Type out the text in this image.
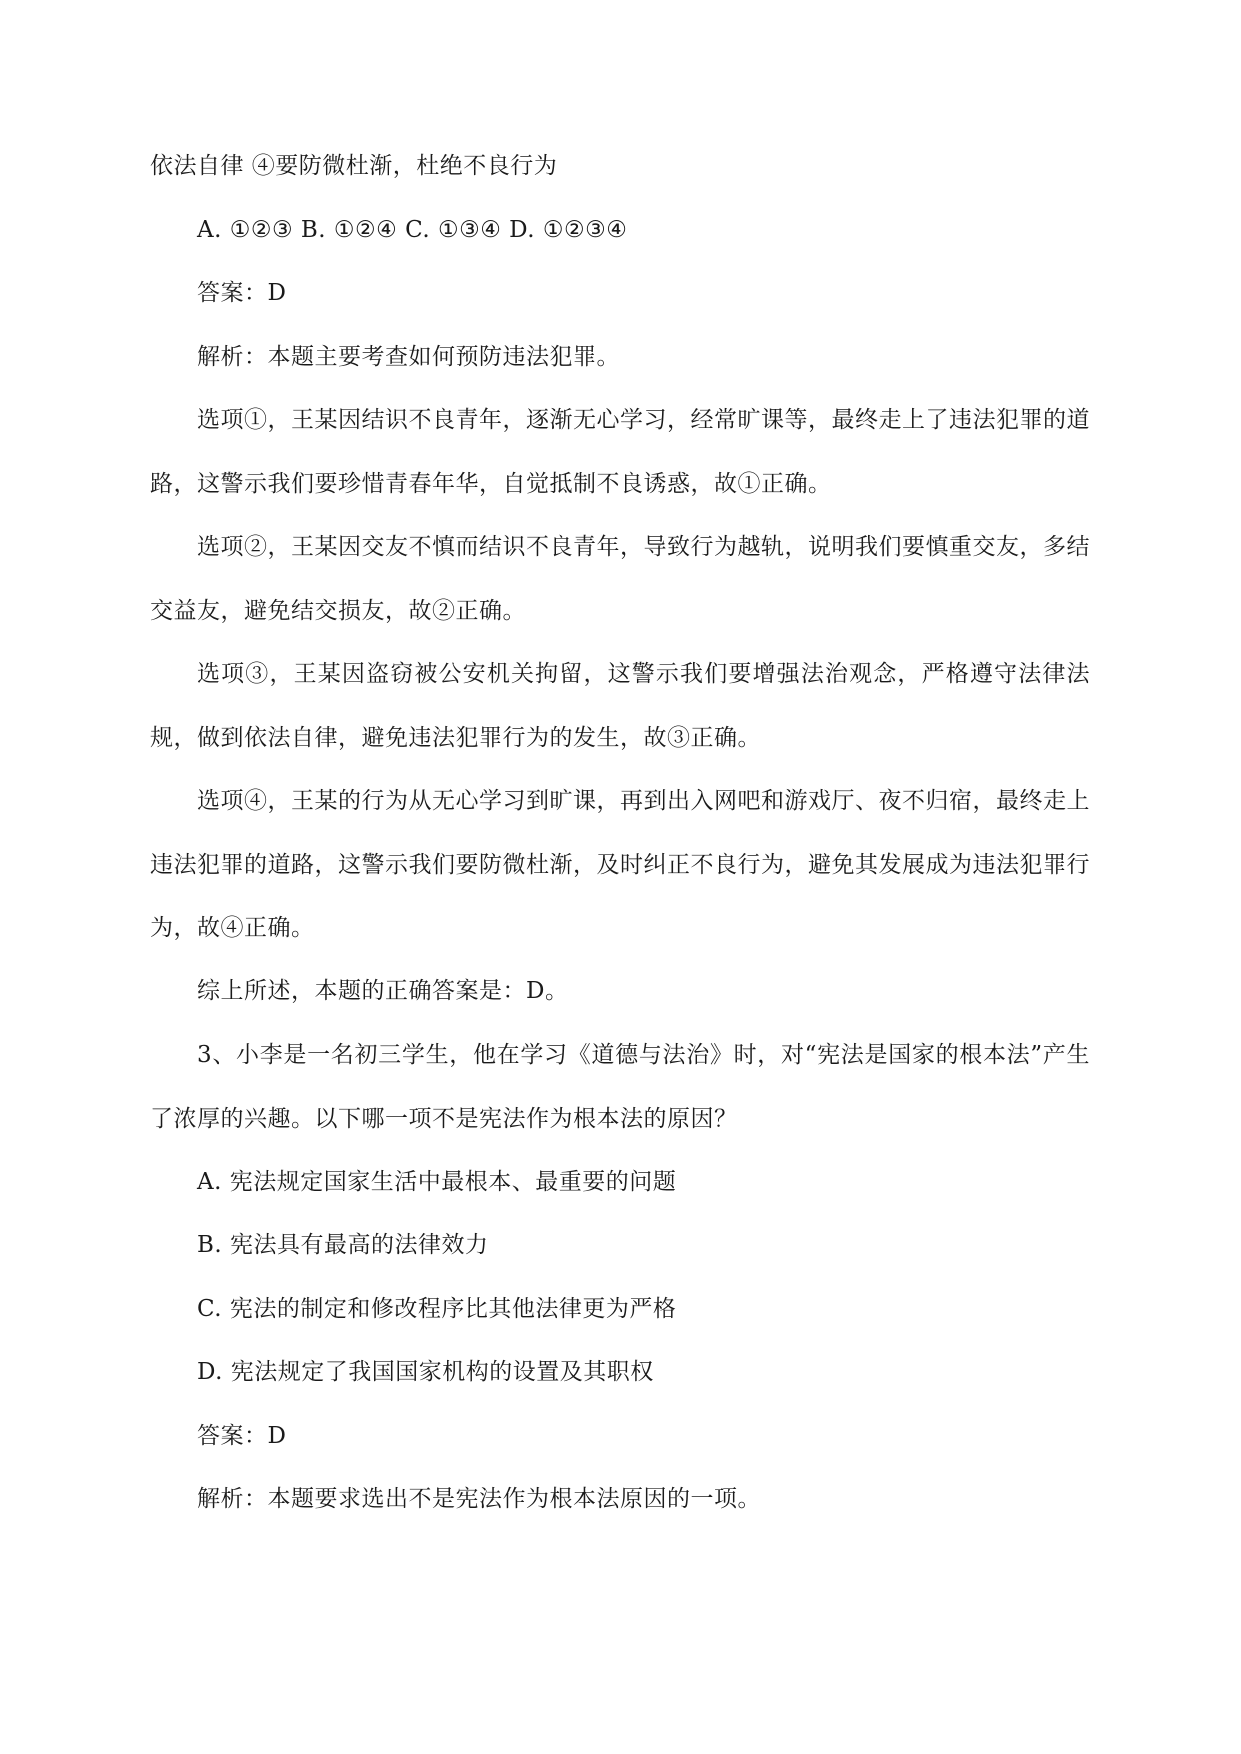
依法自律 ④要防微杜渐，杜绝不良行为

A. ①②③ B. ①②④ C. ①③④ D. ①②③④

答案：D

解析：本题主要考查如何预防违法犯罪。

选项①，王某因结识不良青年，逐渐无心学习，经常旷课等，最终走上了违法犯罪的道路，这警示我们要珍惜青春年华，自觉抵制不良诱惑，故①正确。

选项②，王某因交友不慎而结识不良青年，导致行为越轨，说明我们要慎重交友，多结交益友，避免结交损友，故②正确。

选项③，王某因盗窃被公安机关拘留，这警示我们要增强法治观念，严格遵守法律法规，做到依法自律，避免违法犯罪行为的发生，故③正确。

选项④，王某的行为从无心学习到旷课，再到出入网吧和游戏厅、夜不归宿，最终走上违法犯罪的道路，这警示我们要防微杜渐，及时纠正不良行为，避免其发展成为违法犯罪行为，故④正确。

综上所述，本题的正确答案是：D。

3、小李是一名初三学生，他在学习《道德与法治》时，对“宪法是国家的根本法”产生了浓厚的兴趣。以下哪一项不是宪法作为根本法的原因？

A. 宪法规定国家生活中最根本、最重要的问题

B. 宪法具有最高的法律效力

C. 宪法的制定和修改程序比其他法律更为严格

D. 宪法规定了我国国家机构的设置及其职权

答案：D

解析：本题要求选出不是宪法作为根本法原因的一项。
